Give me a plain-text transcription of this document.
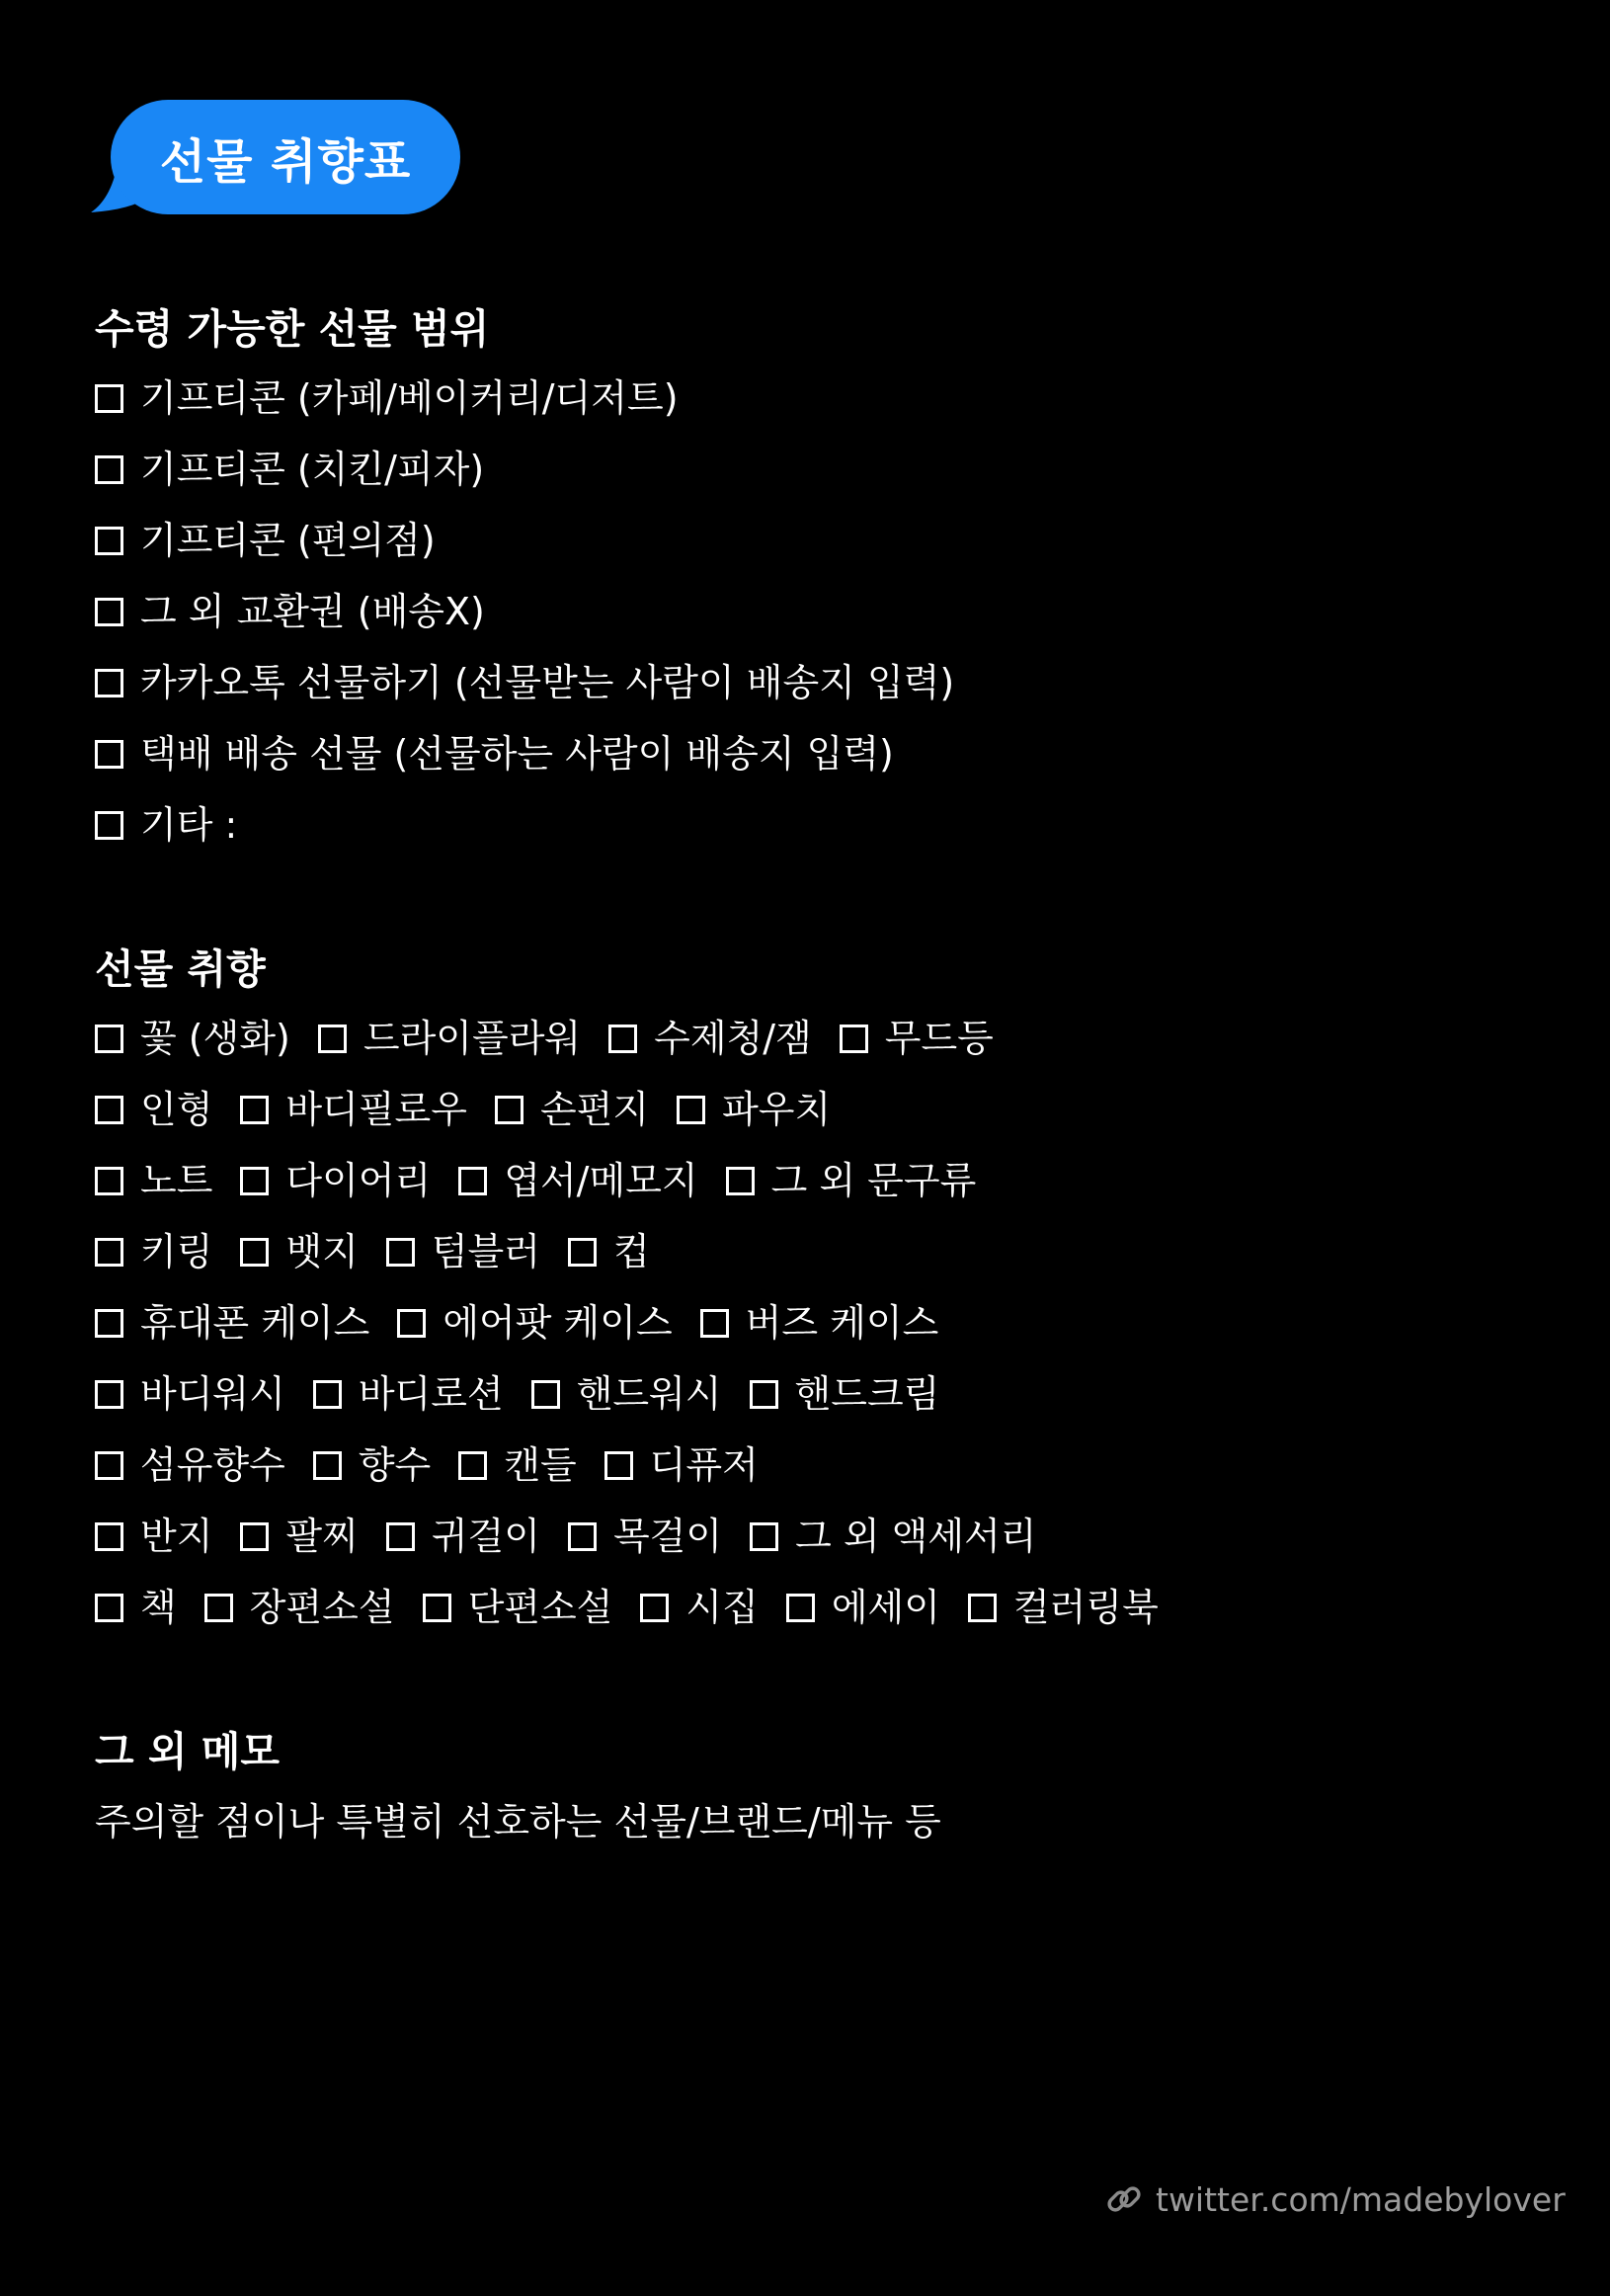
선물 취향표
수령 가능한 선물 범위
기프티콘 (카페/베이커리/디저트)
기프티콘 (치킨/피자)
기프티콘 (편의점)
그 외 교환권 (배송X)
카카오톡 선물하기 (선물받는 사람이 배송지 입력)
택배 배송 선물 (선물하는 사람이 배송지 입력)
기타 :
선물 취향
꽃 (생화) 드라이플라워 수제청/잼 무드등
인형 바디필로우 손편지 파우치
노트 다이어리 엽서/메모지 그 외 문구류
키링 뱃지 텀블러 컵
휴대폰 케이스 에어팟 케이스 버즈 케이스
바디워시 바디로션 핸드워시 핸드크림
섬유향수 향수 캔들 디퓨저
반지 팔찌 귀걸이 목걸이 그 외 액세서리
책 장편소설 단편소설 시집 에세이 컬러링북
그 외 메모
주의할 점이나 특별히 선호하는 선물/브랜드/메뉴 등
twitter.com/madebylover
